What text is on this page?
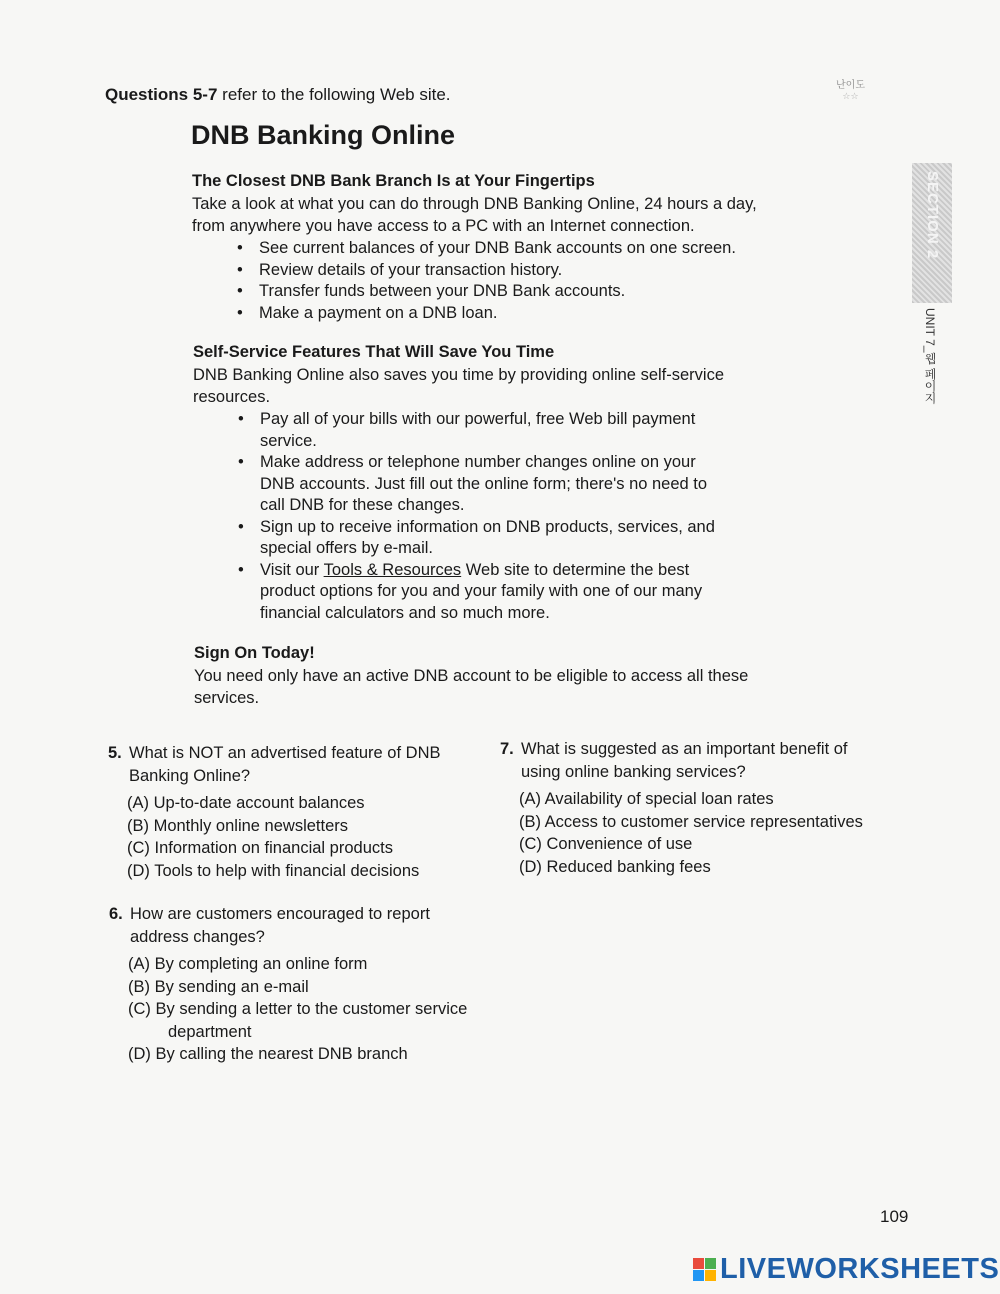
Questions 5-7 refer to the following Web site.	난이도
☆☆
DNB Banking Online
The Closest DNB Bank Branch Is at Your Fingertips
Take a look at what you can do through DNB Banking Online, 24 hours a day, from anywhere you have access to a PC with an Internet connection.
• See current balances of your DNB Bank accounts on one screen.
• Review details of your transaction history.
• Transfer funds between your DNB Bank accounts.
• Make a payment on a DNB loan.
Self-Service Features That Will Save You Time
DNB Banking Online also saves you time by providing online self-service resources.
• Pay all of your bills with our powerful, free Web bill payment service.
• Make address or telephone number changes online on your DNB accounts. Just fill out the online form; there's no need to call DNB for these changes.
• Sign up to receive information on DNB products, services, and special offers by e-mail.
• Visit our Tools & Resources Web site to determine the best product options for you and your family with one of our many financial calculators and so much more.
Sign On Today!
You need only have an active DNB account to be eligible to access all these services.
5. What is NOT an advertised feature of DNB Banking Online?
(A) Up-to-date account balances
(B) Monthly online newsletters
(C) Information on financial products
(D) Tools to help with financial decisions
6. How are customers encouraged to report address changes?
(A) By completing an online form
(B) By sending an e-mail
(C) By sending a letter to the customer service
department
(D) By calling the nearest DNB branch
7. What is suggested as an important benefit of using online banking services?
(A) Availability of special loan rates
(B) Access to customer service representatives
(C) Convenience of use
(D) Reduced banking fees
SECTION 2
UNIT 7_웹 페이지
109
LIVEWORKSHEETS
